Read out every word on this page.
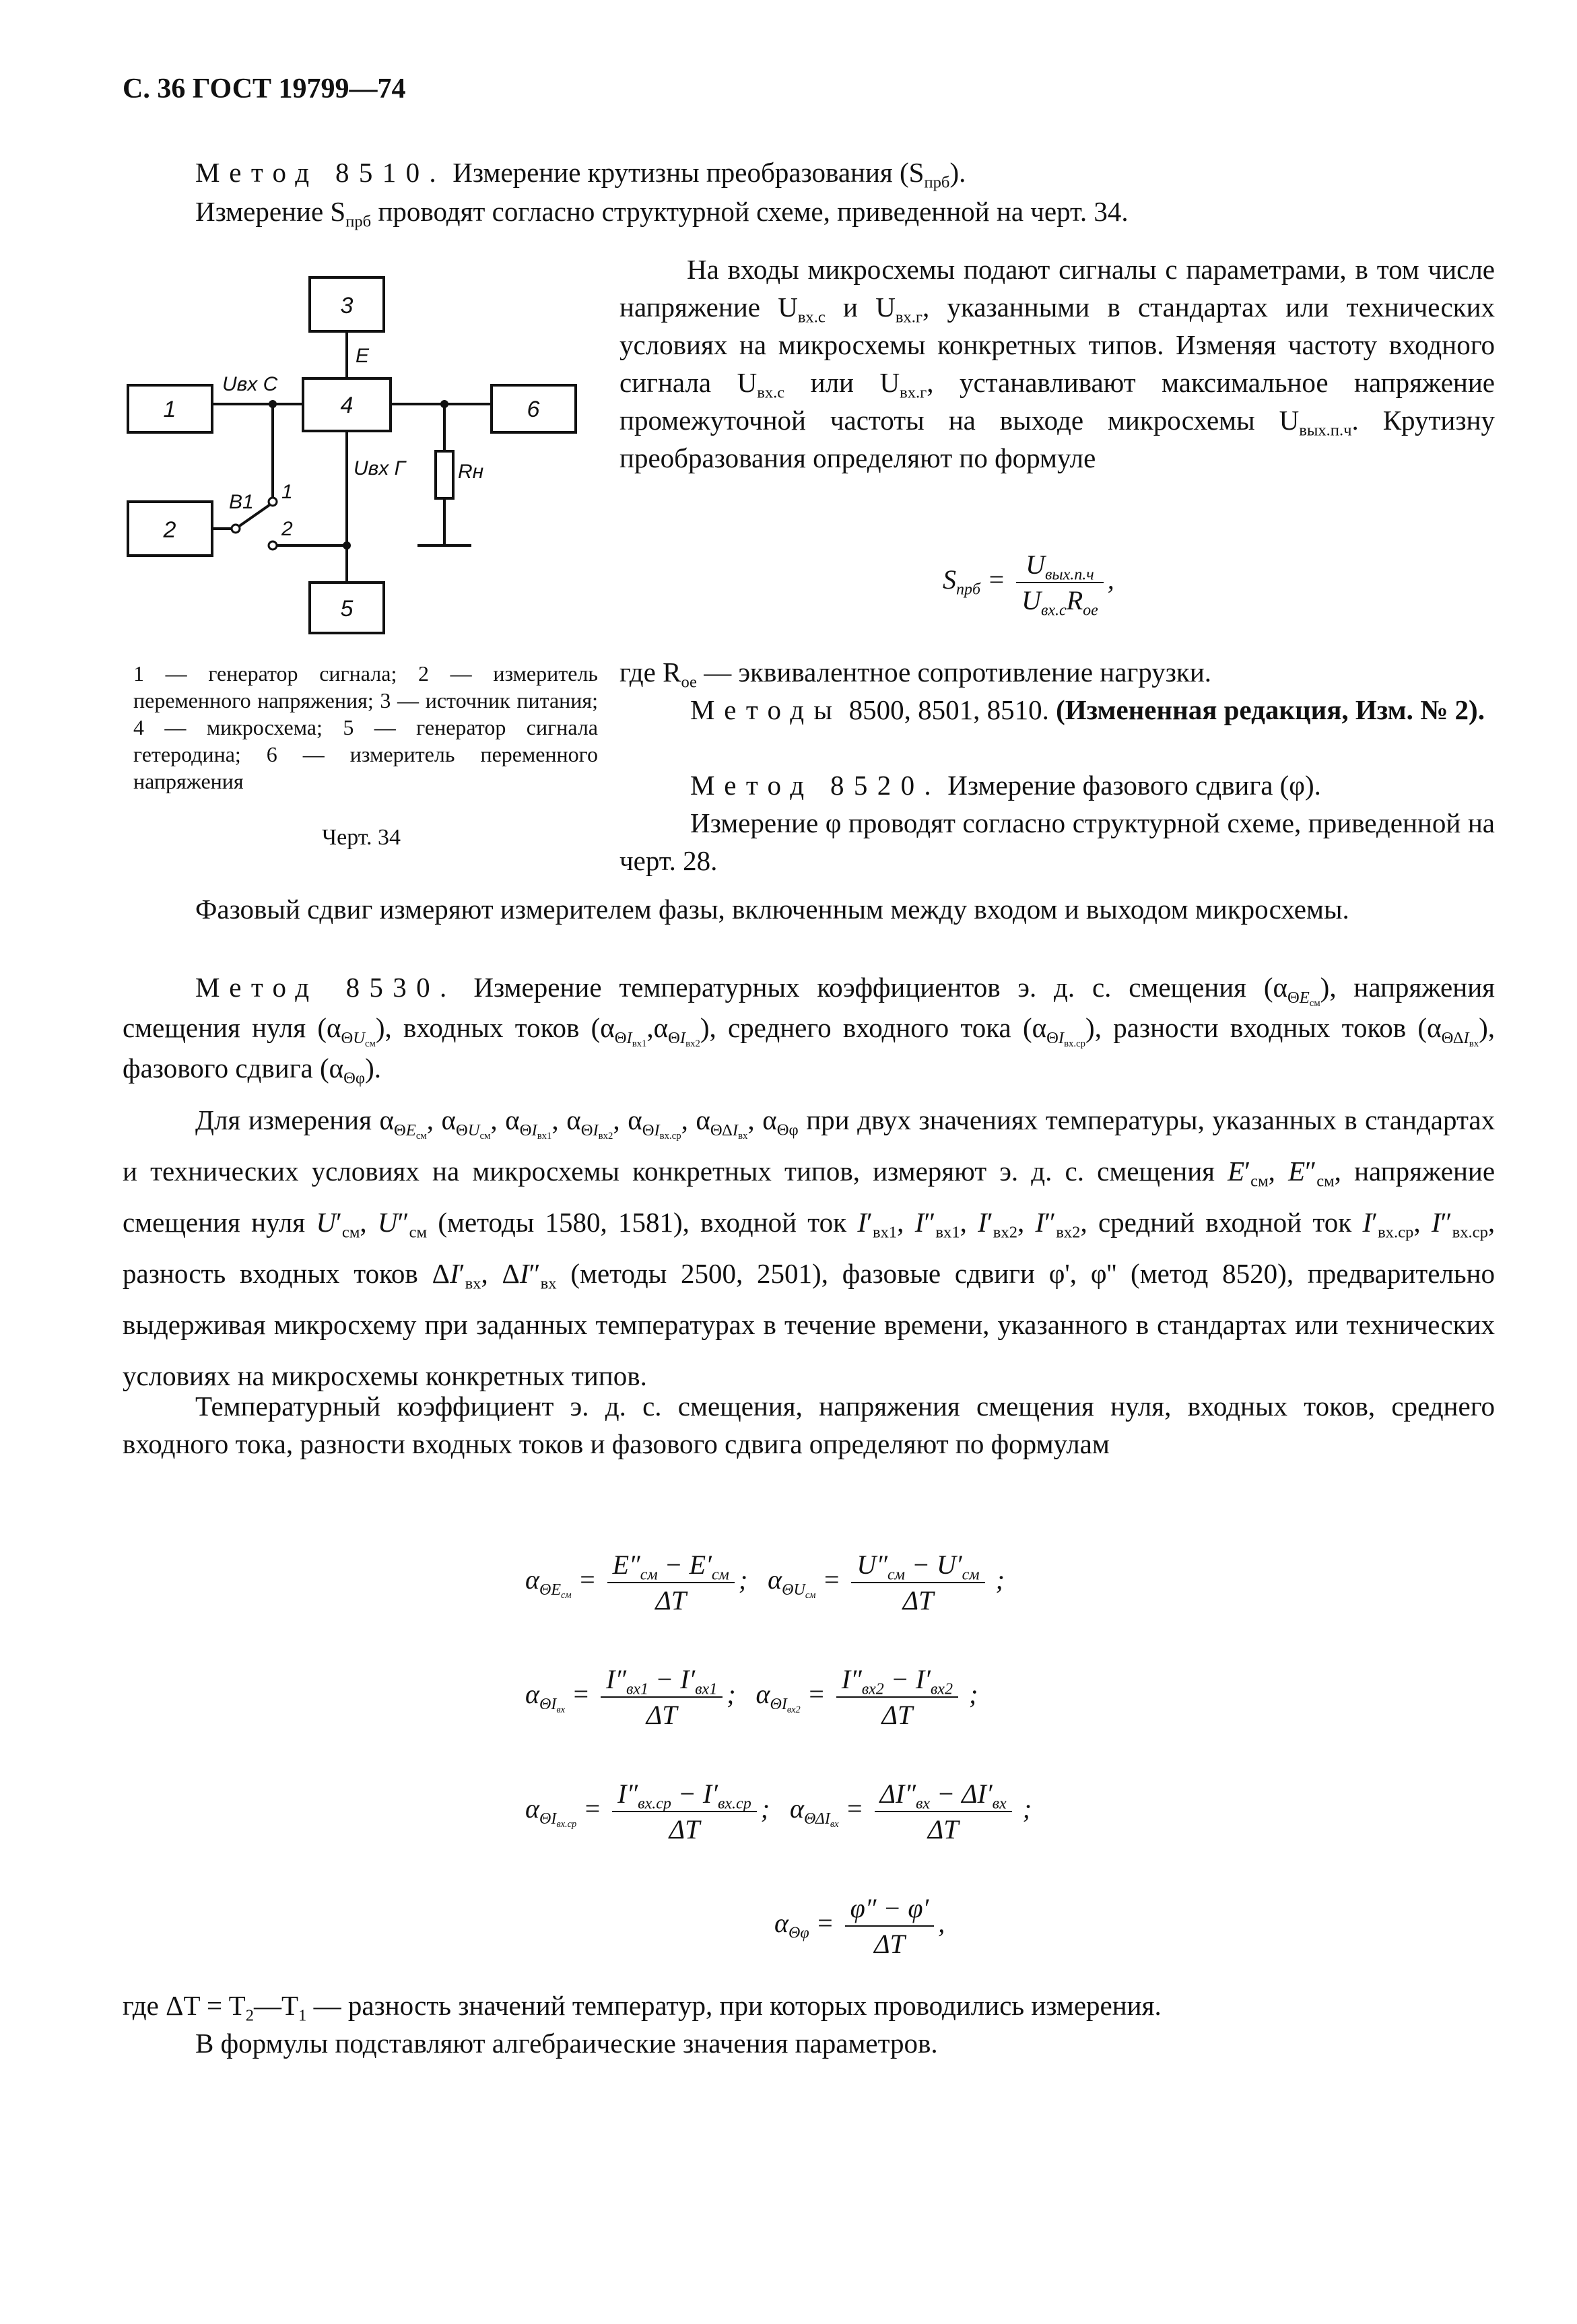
С. 36 ГОСТ 19799—74
Метод 8510. Измерение крутизны преобразования $(S_{прб})$.
Измерение $S_{прб}$ проводят согласно структурной схеме, приведенной на черт. 34.
3
4
1	6
2
5
E
Uвх С
Uвх Г	Rн
В1 1
2
1 — генератор сигнала; 2 — измеритель переменного напряжения; 3 — источник питания; 4 — микросхема; 5 — генератор сигнала гетеродина; 6 — измеритель переменного напряжения
Черт. 34
На входы микросхемы подают сигналы с параметрами, в том числе напряжение $U_{вх.с}$ и $U_{вх.г}$, указанными в стандартах или технических условиях на микросхемы конкретных типов. Изменяя частоту входного сигнала $U_{вх.с}$ или $U_{вх.г}$, устанавливают максимальное напряжение промежуточной частоты на выходе микросхемы $U_{вых.п.ч}$. Крутизну преобразования определяют по формуле
$S_{прб} = \frac{U_{вых.п.ч}}{U_{вх.с}R_{ое}}$ ,
где $R_{ое}$ — эквивалентное сопротивление нагрузки.
Методы 8500, 8501, 8510. (Измененная редакция, Изм. № 2).
Метод 8520. Измерение фазового сдвига (φ).
Измерение φ проводят согласно структурной схеме, приведенной на черт. 28.
Фазовый сдвиг измеряют измерителем фазы, включенным между входом и выходом микросхемы.
Метод 8530. Измерение температурных коэффициентов э. д. с. смещения $(\alpha_{\Theta E_{см}})$, напряжения смещения нуля $(\alpha_{\Theta U_{см}})$, входных токов $(\alpha_{\Theta I_{вх1}},\alpha_{\Theta I_{вх2}})$, среднего входного тока $(\alpha_{\Theta I_{вх.ср}})$, разности входных токов $(\alpha_{\Theta\Delta I_{вх}})$, фазового сдвига $(\alpha_{\Theta\varphi})$.
Для измерения $\alpha_{\Theta E_{см}}$, $\alpha_{\Theta U_{см}}$, $\alpha_{\Theta I_{вх1}}$, $\alpha_{\Theta I_{вх2}}$, $\alpha_{\Theta I_{вх.ср}}$, $\alpha_{\Theta\Delta I_{вх}}$, $\alpha_{\Theta\varphi}$ при двух значениях температуры, указанных в стандартах и технических условиях на микросхемы конкретных типов, измеряют э. д. с. смещения $E'_{см}$, $E''_{см}$, напряжение смещения нуля $U'_{см}$, $U''_{см}$ (методы 1580, 1581), входной ток $I'_{вх1}$, $I''_{вх1}$, $I'_{вх2}$, $I''_{вх2}$, средний входной ток $I'_{вх.ср}$, $I''_{вх.ср}$, разность входных токов $\Delta I'_{вх}$, $\Delta I''_{вх}$ (методы 2500, 2501), фазовые сдвиги φ', φ'' (метод 8520), предварительно выдерживая микросхему при заданных температурах в течение времени, указанного в стандартах или технических условиях на микросхемы конкретных типов.
Температурный коэффициент э. д. с. смещения, напряжения смещения нуля, входных токов, среднего входного тока, разности входных токов и фазового сдвига определяют по формулам
$\alpha_{\Theta E_{см}} = \frac{E''_{см} - E'_{см}}{\Delta T}$ ;   $\alpha_{\Theta U_{см}} = \frac{U''_{см} - U'_{см}}{\Delta T}$ ;
$\alpha_{\Theta I_{вх}} = \frac{I''_{вх1} - I'_{вх1}}{\Delta T}$ ;   $\alpha_{\Theta I_{вх2}} = \frac{I''_{вх2} - I'_{вх2}}{\Delta T}$ ;
$\alpha_{\Theta I_{вх.ср}} = \frac{I''_{вх.ср} - I'_{вх.ср}}{\Delta T}$ ;   $\alpha_{\Theta\Delta I_{вх}} = \frac{\Delta I''_{вх} - \Delta I'_{вх}}{\Delta T}$ ;
$\alpha_{\Theta\varphi} = \frac{\varphi'' - \varphi'}{\Delta T}$ ,
где $\Delta T = T_2—T_1$ — разность значений температур, при которых проводились измерения.
В формулы подставляют алгебраические значения параметров.
